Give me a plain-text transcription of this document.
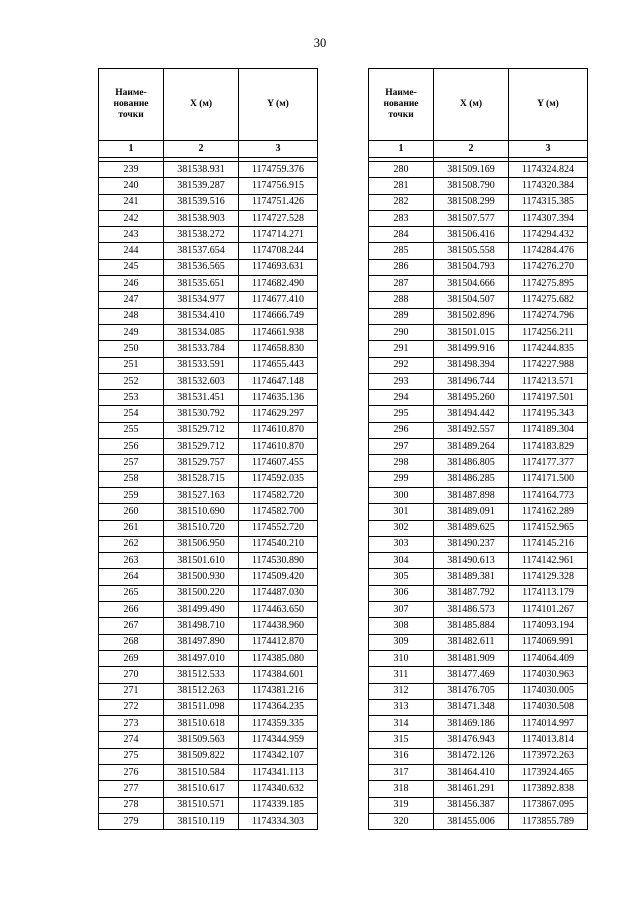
30
Наиме-
нование
точки	X (м)	Y (м)
1	2	3

239	381538.931	1174759.376
240	381539.287	1174756.915
241	381539.516	1174751.426
242	381538.903	1174727.528
243	381538.272	1174714.271
244	381537.654	1174708.244
245	381536.565	1174693.631
246	381535.651	1174682.490
247	381534.977	1174677.410
248	381534.410	1174666.749
249	381534.085	1174661.938
250	381533.784	1174658.830
251	381533.591	1174655.443
252	381532.603	1174647.148
253	381531.451	1174635.136
254	381530.792	1174629.297
255	381529.712	1174610.870
256	381529.712	1174610.870
257	381529.757	1174607.455
258	381528.715	1174592.035
259	381527.163	1174582.720
260	381510.690	1174582.700
261	381510.720	1174552.720
262	381506.950	1174540.210
263	381501.610	1174530.890
264	381500.930	1174509.420
265	381500.220	1174487.030
266	381499.490	1174463.650
267	381498.710	1174438.960
268	381497.890	1174412.870
269	381497.010	1174385.080
270	381512.533	1174384.601
271	381512.263	1174381.216
272	381511.098	1174364.235
273	381510.618	1174359.335
274	381509.563	1174344.959
275	381509.822	1174342.107
276	381510.584	1174341.113
277	381510.617	1174340.632
278	381510.571	1174339.185
279	381510.119	1174334.303
Наиме-
нование
точки	X (м)	Y (м)
1	2	3

280	381509.169	1174324.824
281	381508.790	1174320.384
282	381508.299	1174315.385
283	381507.577	1174307.394
284	381506.416	1174294.432
285	381505.558	1174284.476
286	381504.793	1174276.270
287	381504.666	1174275.895
288	381504.507	1174275.682
289	381502.896	1174274.796
290	381501.015	1174256.211
291	381499.916	1174244.835
292	381498.394	1174227.988
293	381496.744	1174213.571
294	381495.260	1174197.501
295	381494.442	1174195.343
296	381492.557	1174189.304
297	381489.264	1174183.829
298	381486.805	1174177.377
299	381486.285	1174171.500
300	381487.898	1174164.773
301	381489.091	1174162.289
302	381489.625	1174152.965
303	381490.237	1174145.216
304	381490.613	1174142.961
305	381489.381	1174129.328
306	381487.792	1174113.179
307	381486.573	1174101.267
308	381485.884	1174093.194
309	381482.611	1174069.991
310	381481.909	1174064.409
311	381477.469	1174030.963
312	381476.705	1174030.005
313	381471.348	1174030.508
314	381469.186	1174014.997
315	381476.943	1174013.814
316	381472.126	1173972.263
317	381464.410	1173924.465
318	381461.291	1173892.838
319	381456.387	1173867.095
320	381455.006	1173855.789
